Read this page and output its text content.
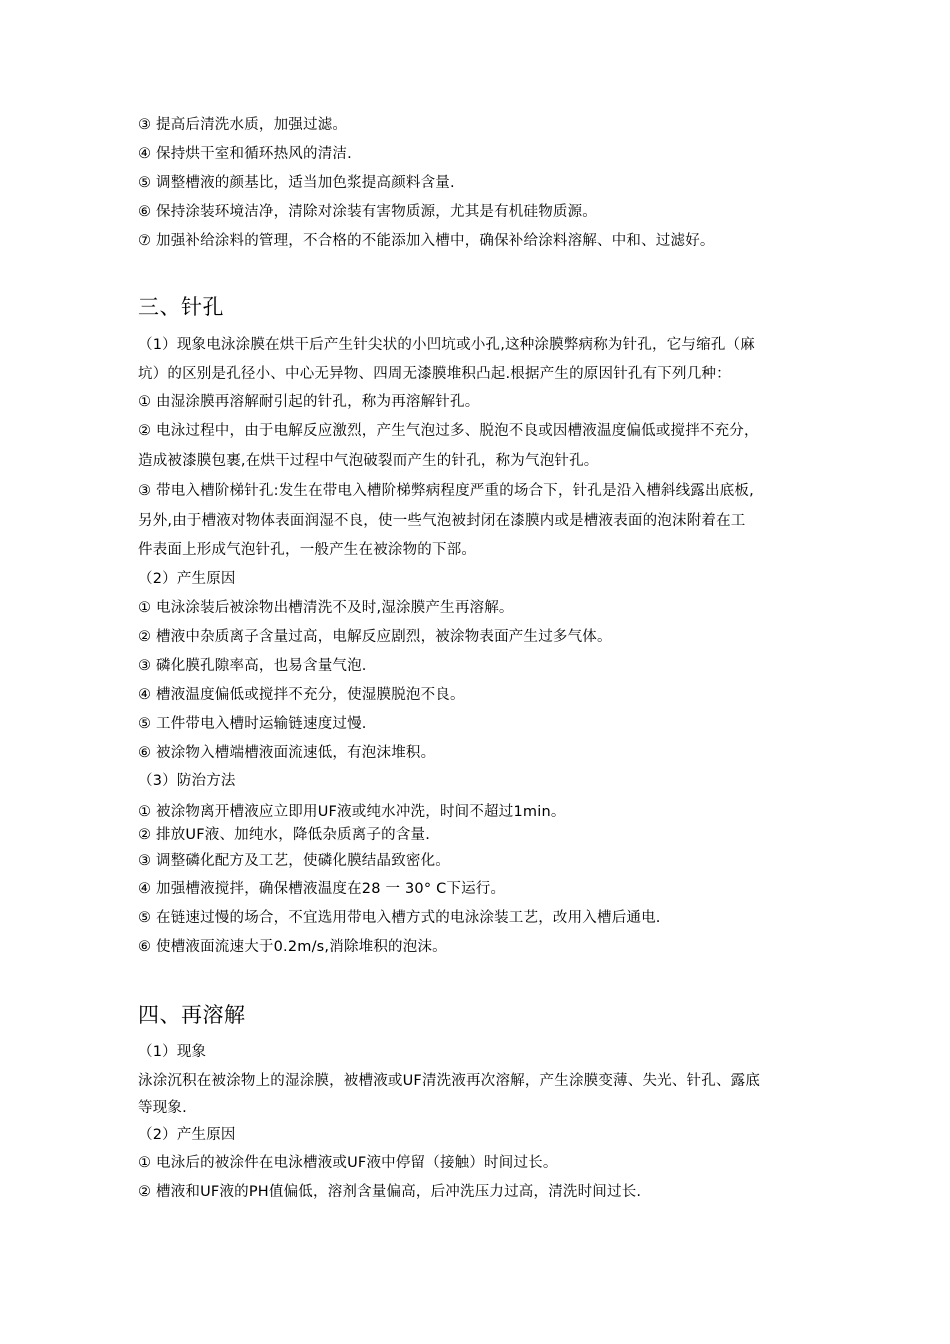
③ 提高后清洗水质，加强过滤。
④ 保持烘干室和循环热风的清洁.
⑤ 调整槽液的颜基比，适当加色浆提高颜料含量.
⑥ 保持涂装环境洁净，清除对涂装有害物质源，尤其是有机硅物质源。
⑦ 加强补给涂料的管理，不合格的不能添加入槽中，确保补给涂料溶解、中和、过滤好。
三、针孔
（1）现象电泳涂膜在烘干后产生针尖状的小凹坑或小孔,这种涂膜弊病称为针孔，它与缩孔（麻
坑）的区别是孔径小、中心无异物、四周无漆膜堆积凸起.根据产生的原因针孔有下列几种：
① 由湿涂膜再溶解耐引起的针孔，称为再溶解针孔。
② 电泳过程中，由于电解反应激烈，产生气泡过多、脱泡不良或因槽液温度偏低或搅拌不充分，
造成被漆膜包裹,在烘干过程中气泡破裂而产生的针孔，称为气泡针孔。
③ 带电入槽阶梯针孔:发生在带电入槽阶梯弊病程度严重的场合下，针孔是沿入槽斜线露出底板,
另外,由于槽液对物体表面润湿不良，使一些气泡被封闭在漆膜内或是槽液表面的泡沫附着在工
件表面上形成气泡针孔，一般产生在被涂物的下部。
（2）产生原因
① 电泳涂装后被涂物出槽清洗不及时,湿涂膜产生再溶解。
② 槽液中杂质离子含量过高，电解反应剧烈，被涂物表面产生过多气体。
③ 磷化膜孔隙率高，也易含量气泡.
④ 槽液温度偏低或搅拌不充分，使湿膜脱泡不良。
⑤ 工件带电入槽时运输链速度过慢.
⑥ 被涂物入槽端槽液面流速低，有泡沫堆积。
（3）防治方法
① 被涂物离开槽液应立即用UF液或纯水冲洗，时间不超过1min。
② 排放UF液、加纯水，降低杂质离子的含量.
③ 调整磷化配方及工艺，使磷化膜结晶致密化。
④ 加强槽液搅拌，确保槽液温度在28 一 30° C下运行。
⑤ 在链速过慢的场合，不宜选用带电入槽方式的电泳涂装工艺，改用入槽后通电.
⑥ 使槽液面流速大于0.2m/s,消除堆积的泡沫。
四、再溶解
（1）现象
泳涂沉积在被涂物上的湿涂膜，被槽液或UF清洗液再次溶解，产生涂膜变薄、失光、针孔、露底
等现象.
（2）产生原因
① 电泳后的被涂件在电泳槽液或UF液中停留（接触）时间过长。
② 槽液和UF液的PH值偏低，溶剂含量偏高，后冲洗压力过高，清洗时间过长.
